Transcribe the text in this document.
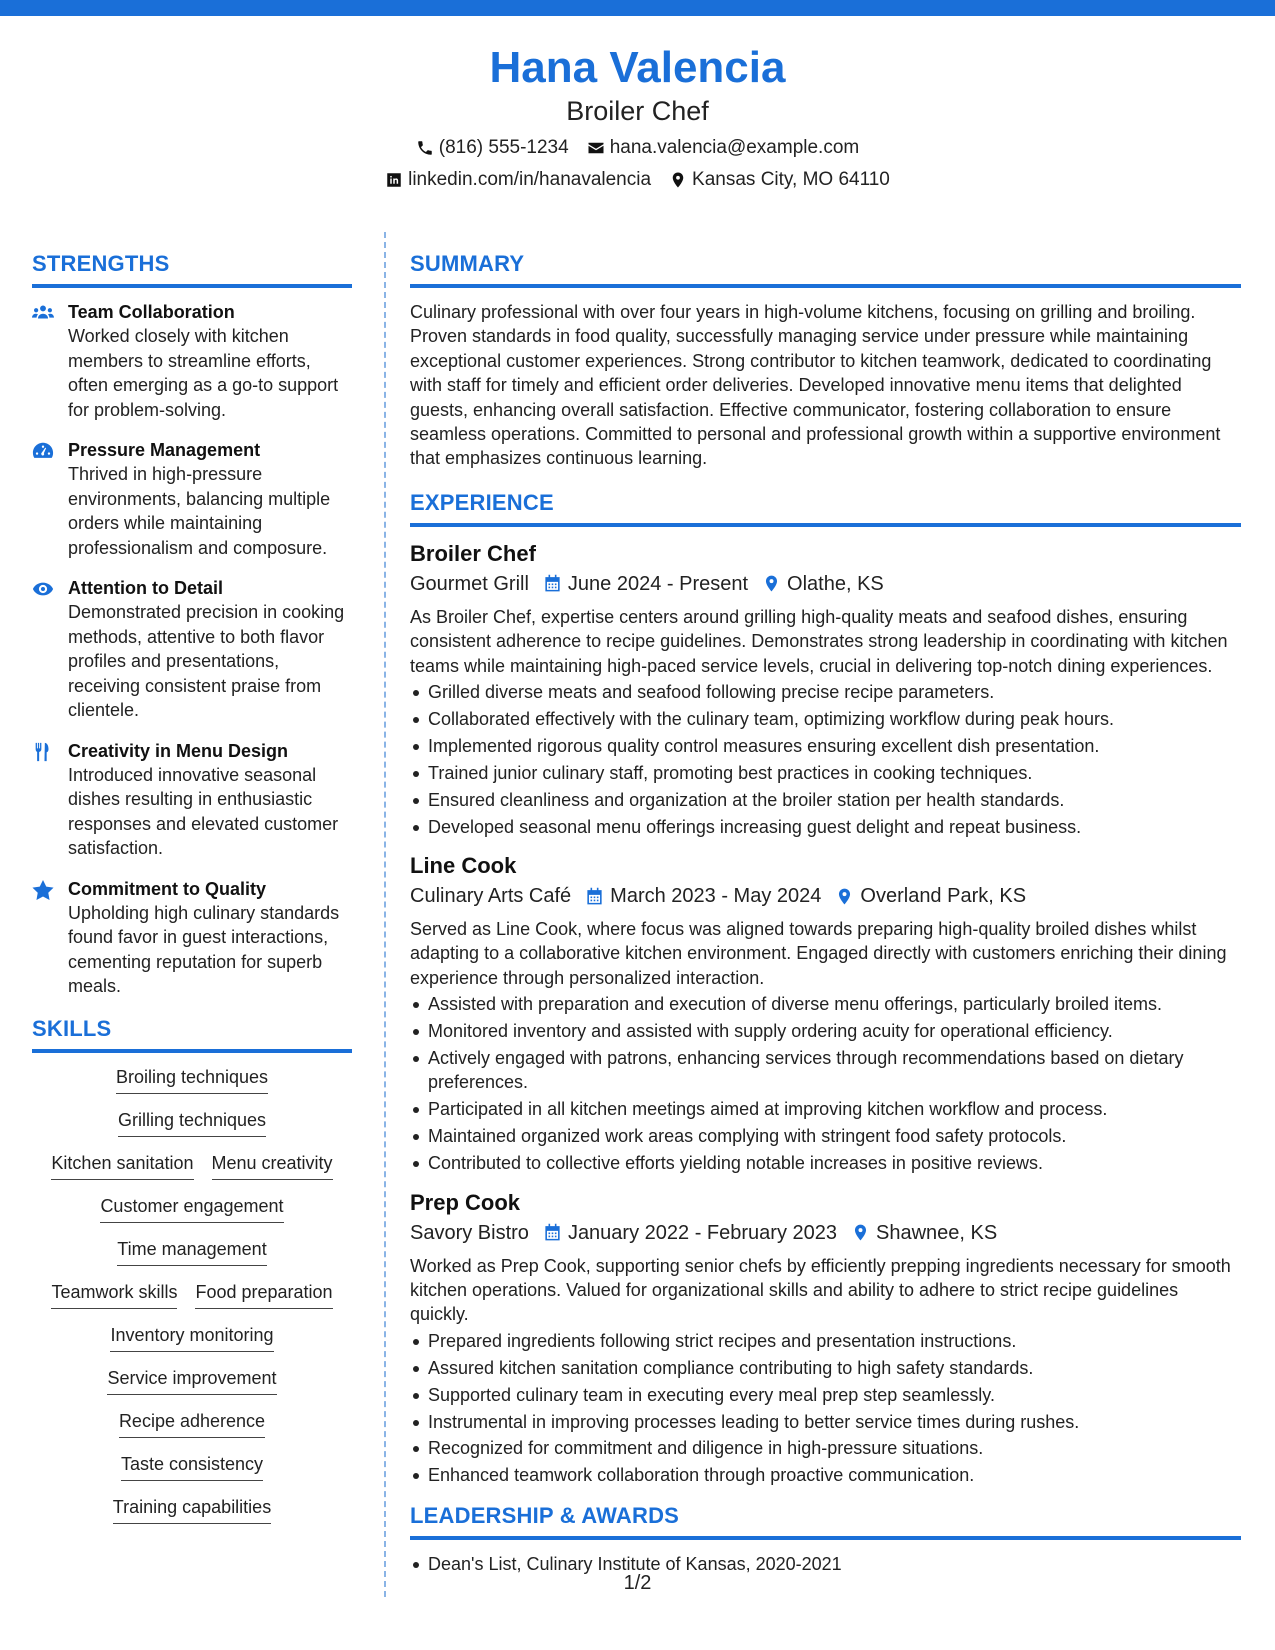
Hana Valencia
Broiler Chef
(816) 555-1234 hana.valencia@example.com
linkedin.com/in/hanavalencia Kansas City, MO 64110
STRENGTHS
Team Collaboration
Worked closely with kitchen members to streamline efforts, often emerging as a go-to support for problem-solving.
Pressure Management
Thrived in high-pressure environments, balancing multiple orders while maintaining professionalism and composure.
Attention to Detail
Demonstrated precision in cooking methods, attentive to both flavor profiles and presentations, receiving consistent praise from clientele.
Creativity in Menu Design
Introduced innovative seasonal dishes resulting in enthusiastic responses and elevated customer satisfaction.
Commitment to Quality
Upholding high culinary standards found favor in guest interactions, cementing reputation for superb meals.
SKILLS
Broiling techniques
Grilling techniques
Kitchen sanitation Menu creativity
Customer engagement
Time management
Teamwork skills Food preparation
Inventory monitoring
Service improvement
Recipe adherence
Taste consistency
Training capabilities
SUMMARY

Culinary professional with over four years in high-volume kitchens, focusing on grilling and broiling. Proven standards in food quality, successfully managing service under pressure while maintaining exceptional customer experiences. Strong contributor to kitchen teamwork, dedicated to coordinating with staff for timely and efficient order deliveries. Developed innovative menu items that delighted guests, enhancing overall satisfaction. Effective communicator, fostering collaboration to ensure seamless operations. Committed to personal and professional growth within a supportive environment that emphasizes continuous learning.

EXPERIENCE
Broiler Chef
Gourmet Grill June 2024 - Present Olathe, KS

As Broiler Chef, expertise centers around grilling high-quality meats and seafood dishes, ensuring consistent adherence to recipe guidelines. Demonstrates strong leadership in coordinating with kitchen teams while maintaining high-paced service levels, crucial in delivering top-notch dining experiences.

Grilled diverse meats and seafood following precise recipe parameters.
Collaborated effectively with the culinary team, optimizing workflow during peak hours.
Implemented rigorous quality control measures ensuring excellent dish presentation.
Trained junior culinary staff, promoting best practices in cooking techniques.
Ensured cleanliness and organization at the broiler station per health standards.
Developed seasonal menu offerings increasing guest delight and repeat business.
Line Cook
Culinary Arts Café March 2023 - May 2024 Overland Park, KS

Served as Line Cook, where focus was aligned towards preparing high-quality broiled dishes whilst adapting to a collaborative kitchen environment. Engaged directly with customers enriching their dining experience through personalized interaction.

Assisted with preparation and execution of diverse menu offerings, particularly broiled items.
Monitored inventory and assisted with supply ordering acuity for operational efficiency.
Actively engaged with patrons, enhancing services through recommendations based on dietary preferences.
Participated in all kitchen meetings aimed at improving kitchen workflow and process.
Maintained organized work areas complying with stringent food safety protocols.
Contributed to collective efforts yielding notable increases in positive reviews.
Prep Cook
Savory Bistro January 2022 - February 2023 Shawnee, KS

Worked as Prep Cook, supporting senior chefs by efficiently prepping ingredients necessary for smooth kitchen operations. Valued for organizational skills and ability to adhere to strict recipe guidelines quickly.

Prepared ingredients following strict recipes and presentation instructions.
Assured kitchen sanitation compliance contributing to high safety standards.
Supported culinary team in executing every meal prep step seamlessly.
Instrumental in improving processes leading to better service times during rushes.
Recognized for commitment and diligence in high-pressure situations.
Enhanced teamwork collaboration through proactive communication.
LEADERSHIP & AWARDS
Dean's List, Culinary Institute of Kansas, 2020-2021
1/2
